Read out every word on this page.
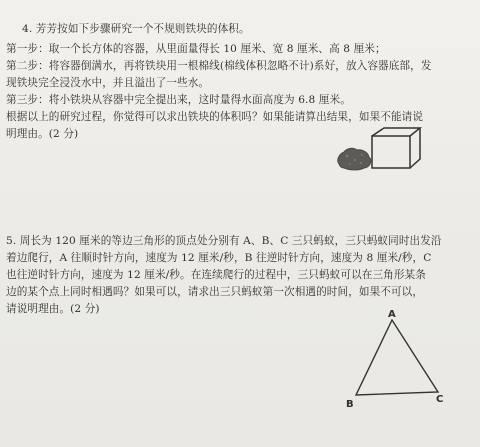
4. 芳芳按如下步骤研究一个不规则铁块的体积。
第一步：取一个长方体的容器，从里面量得长 10 厘米、宽 8 厘米、高 8 厘米；
第二步：将容器倒满水，再将铁块用一根棉线(棉线体积忽略不计)系好，放入容器底部，发
现铁块完全浸没水中，并且溢出了一些水。
第三步：将小铁块从容器中完全提出来，这时量得水面高度为 6.8 厘米。
根据以上的研究过程，你觉得可以求出铁块的体积吗？如果能请算出结果，如果不能请说
明理由。(2 分)
5. 周长为 120 厘米的等边三角形的顶点处分别有 A、B、C 三只蚂蚁，三只蚂蚁同时出发沿
着边爬行，A 往顺时针方向，速度为 12 厘米/秒，B 往逆时针方向，速度为 8 厘米/秒，C
也往逆时针方向，速度为 12 厘米/秒。在连续爬行的过程中，三只蚂蚁可以在三角形某条
边的某个点上同时相遇吗？如果可以，请求出三只蚂蚁第一次相遇的时间，如果不可以，
请说明理由。(2 分)	A
B	C
